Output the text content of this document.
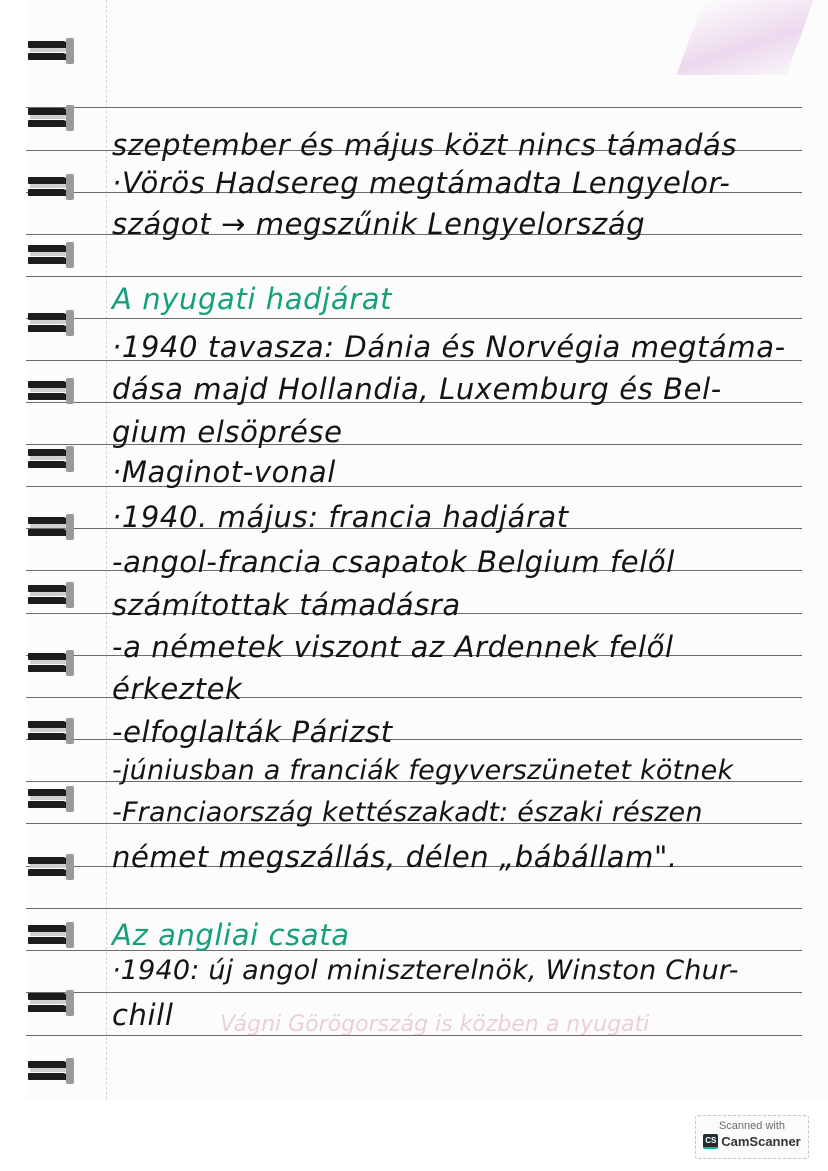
szeptember és május közt nincs támadás
·Vörös Hadsereg megtámadta Lengyelor-
szágot → megszűnik Lengyelország
A nyugati hadjárat
·1940 tavasza: Dánia és Norvégia megtáma-
dása majd Hollandia, Luxemburg és Bel-
gium elsöprése
·Maginot-vonal
·1940. május: francia hadjárat
-angol-francia csapatok Belgium felől
számítottak támadásra
-a németek viszont az Ardennek felől
érkeztek
-elfoglalták Párizst
-júniusban a franciák fegyverszünetet kötnek
-Franciaország kettészakadt: északi részen
német megszállás, délen „bábállam".
Az angliai csata
·1940: új angol miniszterelnök, Winston Chur-
chill Vágni Görögország is közben a nyugati
Scanned with
CS CamScanner
